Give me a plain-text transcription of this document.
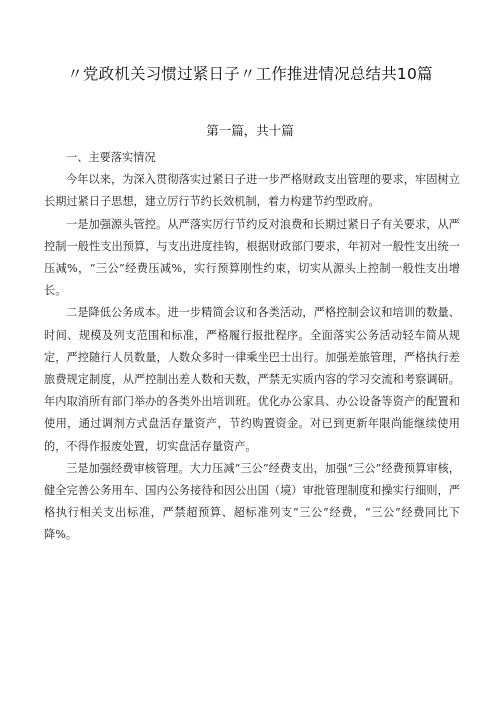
〃党政机关习惯过紧日子〃工作推进情况总结共10篇
第一篇，共十篇

一、主要落实情况

今年以来，为深入贯彻落实过紧日子进一步严格财政支出管理的要求，牢固树立长期过紧日子思想，建立厉行节约长效机制，着力构建节约型政府。

一是加强源头管控。从严落实厉行节约反对浪费和长期过紧日子有关要求，从严控制一般性支出预算，与支出进度挂钩，根据财政部门要求，年初对一般性支出统一压减%，“三公”经费压减%，实行预算刚性约束，切实从源头上控制一般性支出增长。

二是降低公务成本。进一步精简会议和各类活动，严格控制会议和培训的数量、时间、规模及列支范围和标准，严格履行报批程序。全面落实公务活动轻车简从规定，严控随行人员数量，人数众多时一律乘坐巴士出行。加强差旅管理，严格执行差旅费规定制度，从严控制出差人数和天数，严禁无实质内容的学习交流和考察调研。年内取消所有部门举办的各类外出培训班。优化办公家具、办公设备等资产的配置和使用，通过调剂方式盘活存量资产，节约购置资金。对已到更新年限尚能继续使用的，不得作报废处置，切实盘活存量资产。

三是加强经费审核管理。大力压减“三公”经费支出，加强“三公”经费预算审核，健全完善公务用车、国内公务接待和因公出国（境）审批管理制度和操实行细则，严格执行相关支出标准，严禁超预算、超标准列支“三公”经费，“三公”经费同比下降%。
